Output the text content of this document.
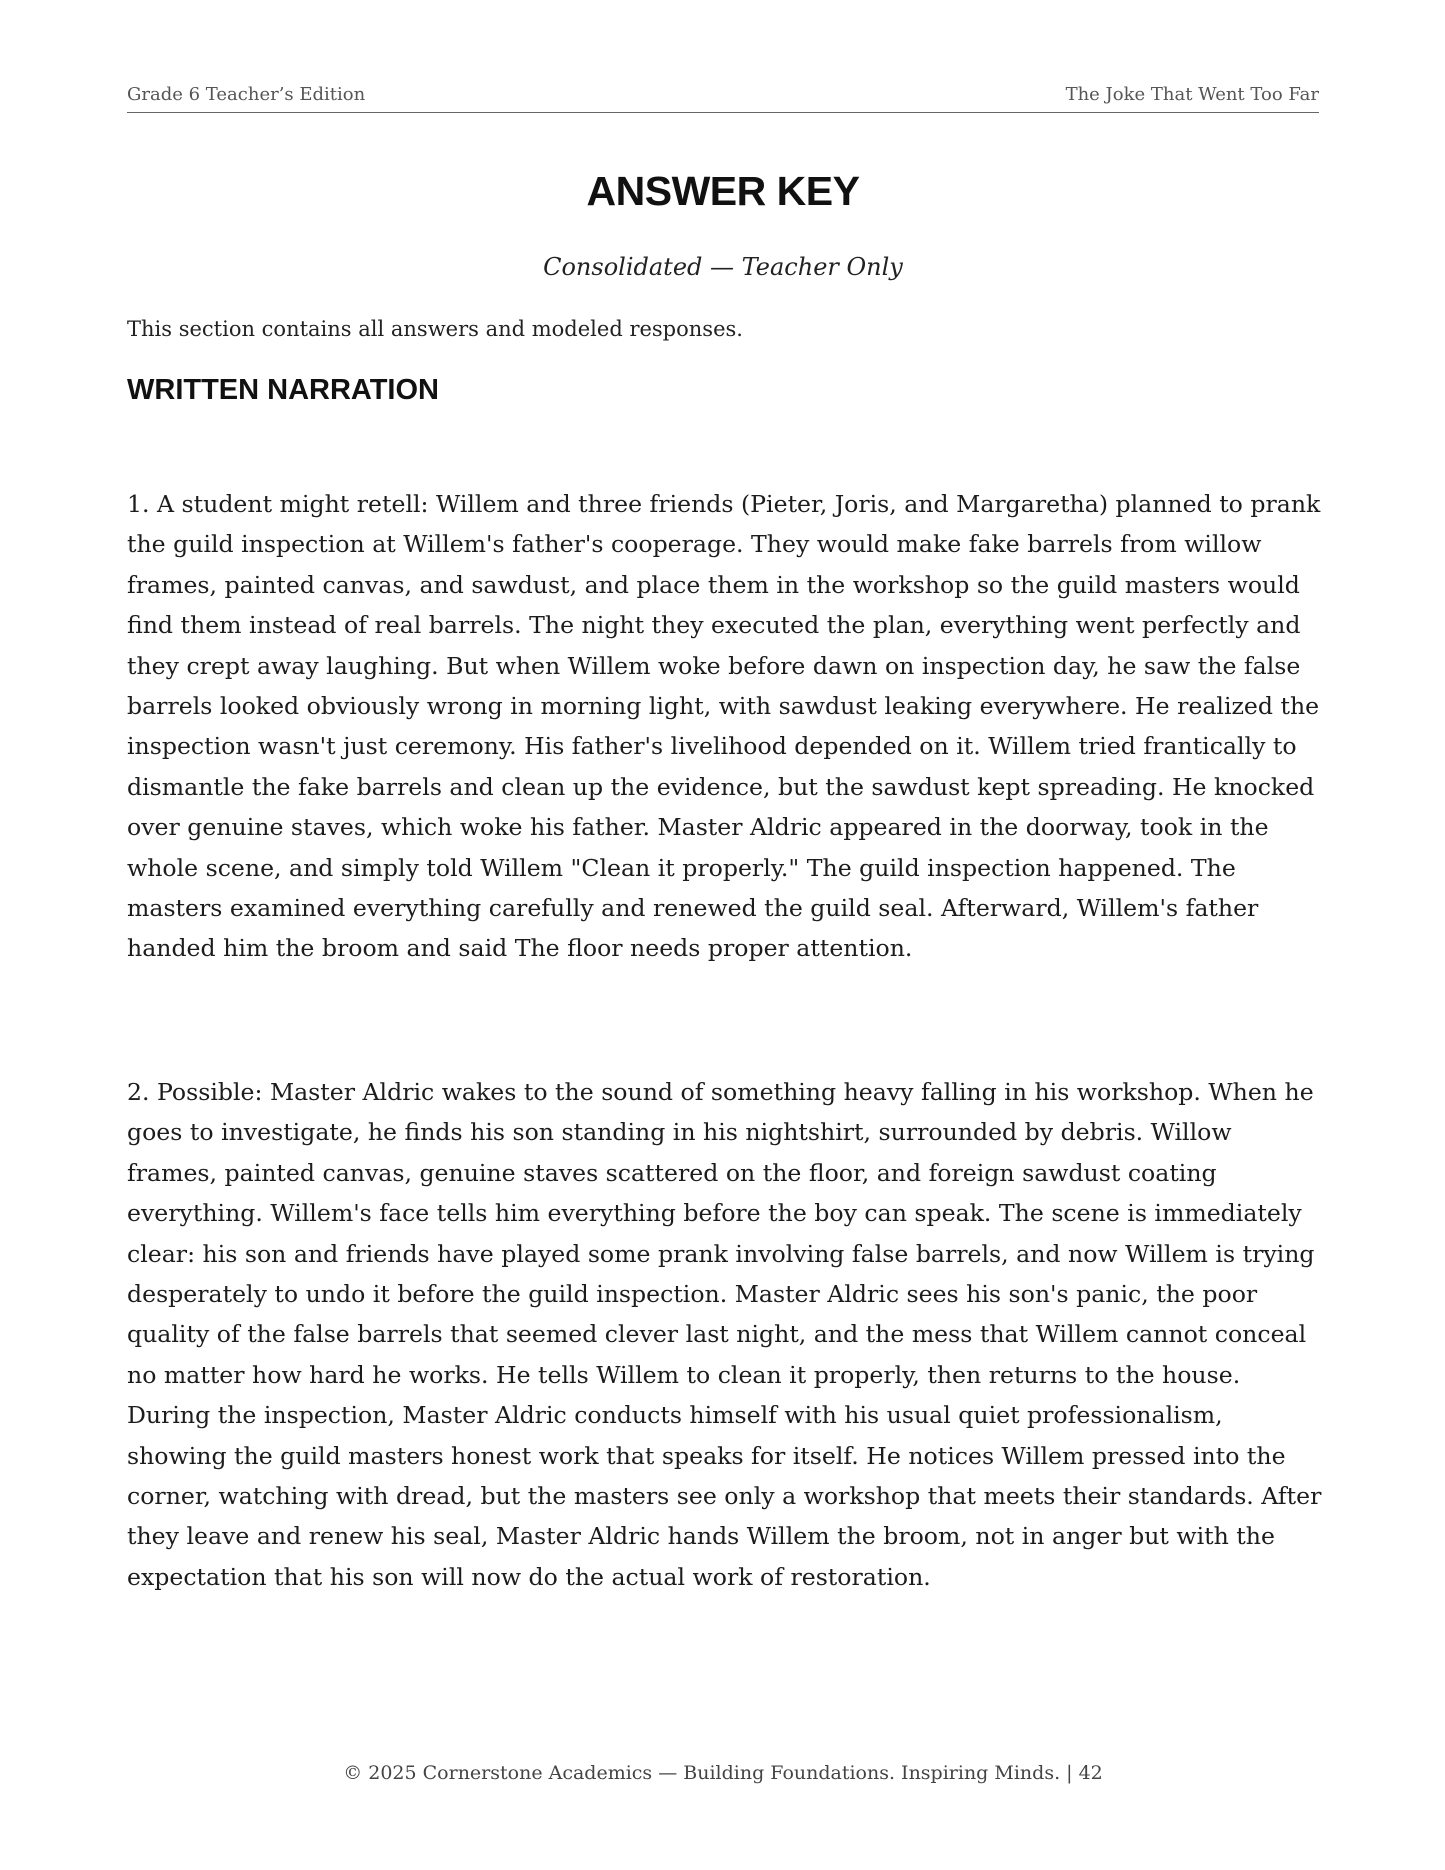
Grade 6 Teacher’s Edition	The Joke That Went Too Far
ANSWER KEY
Consolidated — Teacher Only
This section contains all answers and modeled responses.
WRITTEN NARRATION

1. A student might retell: Willem and three friends (Pieter, Joris, and Margaretha) planned to prank the guild inspection at Willem's father's cooperage. They would make fake barrels from willow frames, painted canvas, and sawdust, and place them in the workshop so the guild masters would find them instead of real barrels. The night they executed the plan, everything went perfectly and they crept away laughing. But when Willem woke before dawn on inspection day, he saw the false barrels looked obviously wrong in morning light, with sawdust leaking everywhere. He realized the inspection wasn't just ceremony. His father's livelihood depended on it. Willem tried frantically to dismantle the fake barrels and clean up the evidence, but the sawdust kept spreading. He knocked over genuine staves, which woke his father. Master Aldric appeared in the doorway, took in the whole scene, and simply told Willem "Clean it properly." The guild inspection happened. The masters examined everything carefully and renewed the guild seal. Afterward, Willem's father handed him the broom and said The floor needs proper attention.

2. Possible: Master Aldric wakes to the sound of something heavy falling in his workshop. When he goes to investigate, he finds his son standing in his nightshirt, surrounded by debris. Willow frames, painted canvas, genuine staves scattered on the floor, and foreign sawdust coating everything. Willem's face tells him everything before the boy can speak. The scene is immediately clear: his son and friends have played some prank involving false barrels, and now Willem is trying desperately to undo it before the guild inspection. Master Aldric sees his son's panic, the poor quality of the false barrels that seemed clever last night, and the mess that Willem cannot conceal no matter how hard he works. He tells Willem to clean it properly, then returns to the house. During the inspection, Master Aldric conducts himself with his usual quiet professionalism, showing the guild masters honest work that speaks for itself. He notices Willem pressed into the corner, watching with dread, but the masters see only a workshop that meets their standards. After they leave and renew his seal, Master Aldric hands Willem the broom, not in anger but with the expectation that his son will now do the actual work of restoration.

© 2025 Cornerstone Academics — Building Foundations. Inspiring Minds. | 42
